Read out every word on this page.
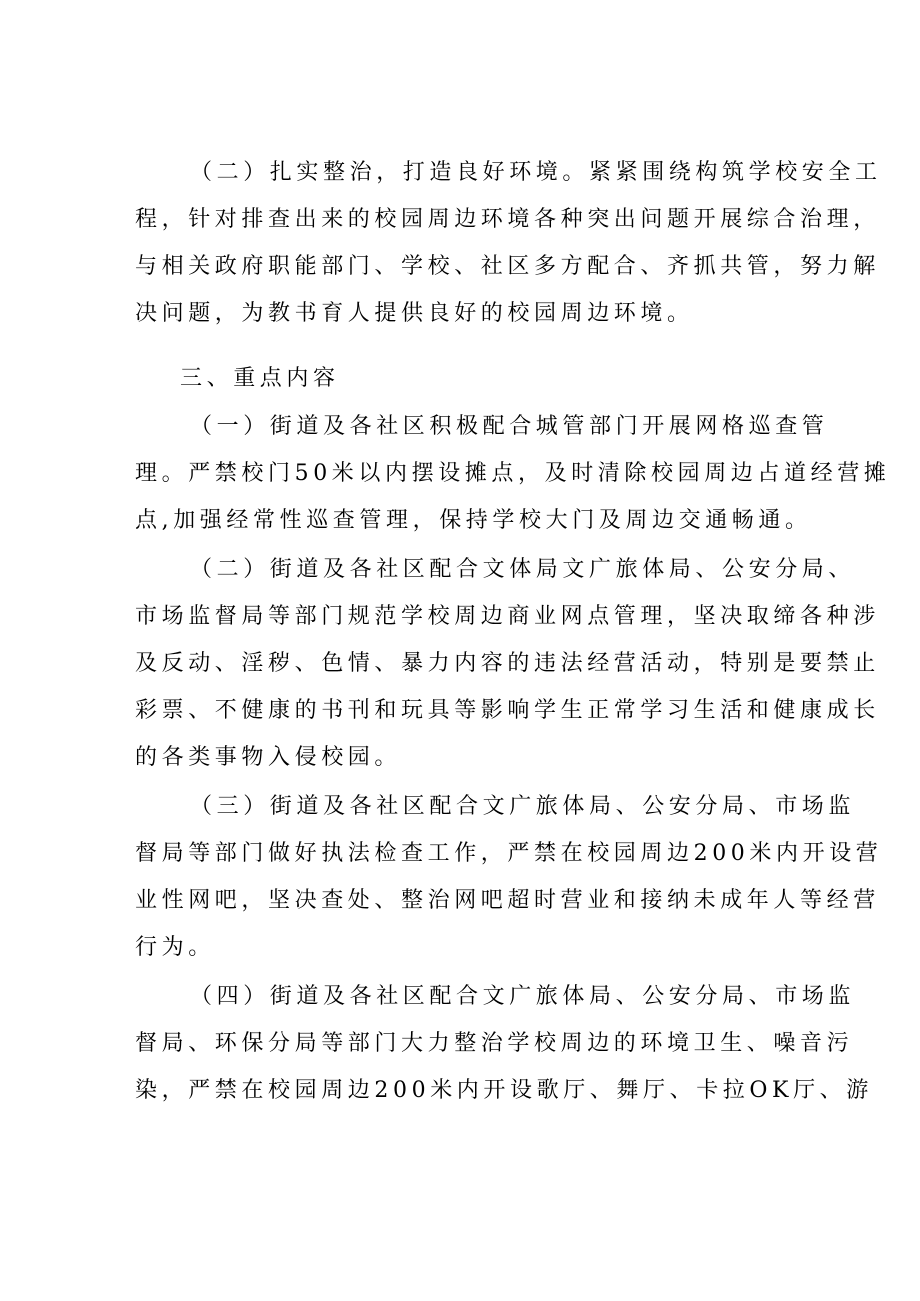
（二）扎实整治，打造良好环境。紧紧围绕构筑学校安全工
程，针对排查出来的校园周边环境各种突出问题开展综合治理，
与相关政府职能部门、学校、社区多方配合、齐抓共管，努力解
决问题，为教书育人提供良好的校园周边环境。
三、重点内容
（一）街道及各社区积极配合城管部门开展网格巡查管
理。严禁校门50米以内摆设摊点，及时清除校园周边占道经营摊
点,加强经常性巡查管理，保持学校大门及周边交通畅通。
（二）街道及各社区配合文体局文广旅体局、公安分局、
市场监督局等部门规范学校周边商业网点管理，坚决取缔各种涉
及反动、淫秽、色情、暴力内容的违法经营活动，特别是要禁止
彩票、不健康的书刊和玩具等影响学生正常学习生活和健康成长
的各类事物入侵校园。
（三）街道及各社区配合文广旅体局、公安分局、市场监
督局等部门做好执法检查工作，严禁在校园周边200米内开设营
业性网吧，坚决查处、整治网吧超时营业和接纳未成年人等经营
行为。
（四）街道及各社区配合文广旅体局、公安分局、市场监
督局、环保分局等部门大力整治学校周边的环境卫生、噪音污
染，严禁在校园周边200米内开设歌厅、舞厅、卡拉OK厅、游
